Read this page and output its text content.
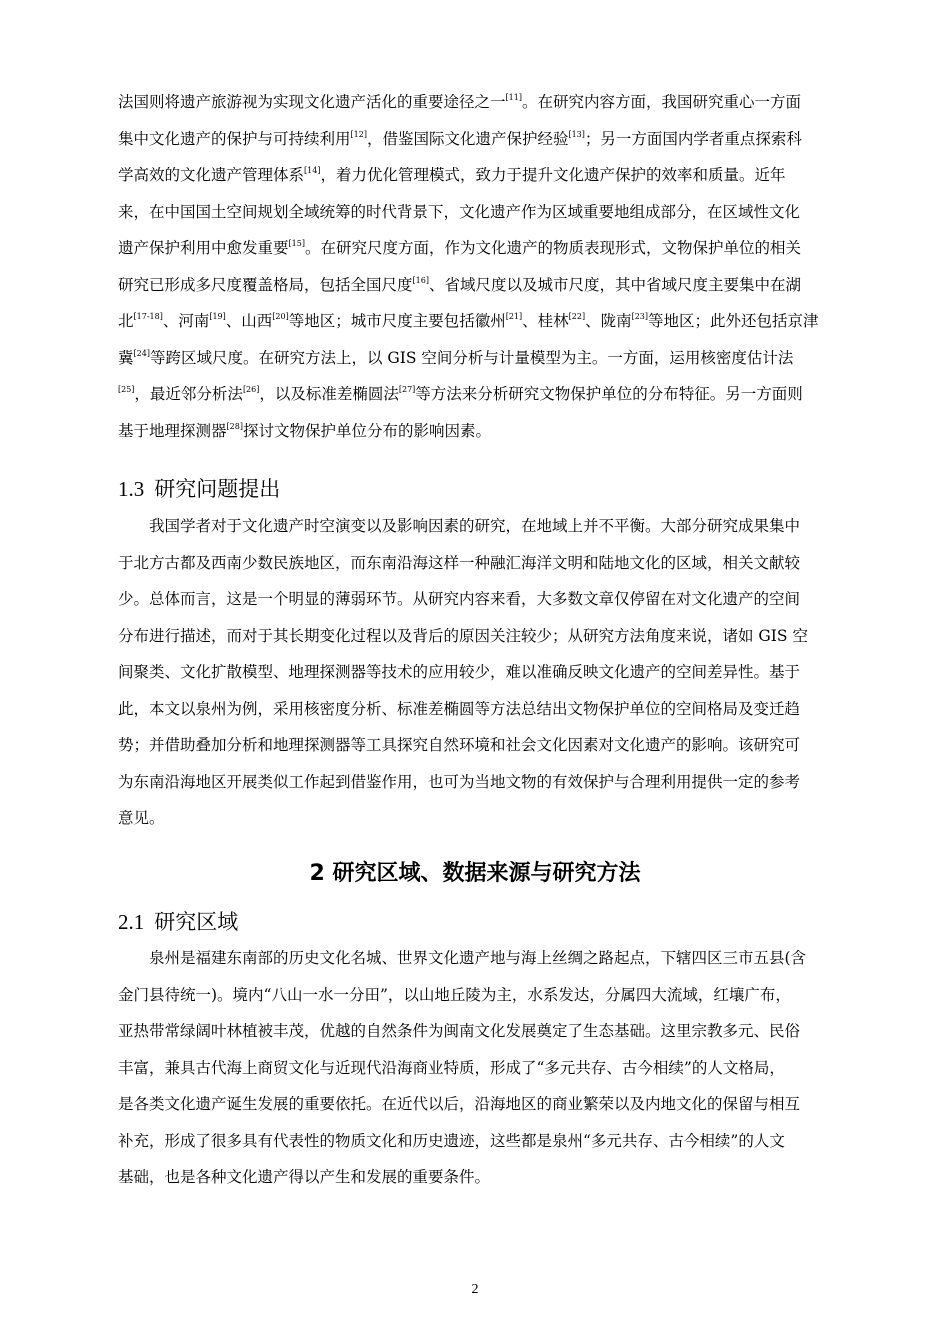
法国则将遗产旅游视为实现文化遗产活化的重要途径之一[11]。在研究内容方面，我国研究重心一方面
集中文化遗产的保护与可持续利用[12]，借鉴国际文化遗产保护经验[13]；另一方面国内学者重点探索科
学高效的文化遗产管理体系[14]，着力优化管理模式，致力于提升文化遗产保护的效率和质量。近年
来，在中国国土空间规划全域统筹的时代背景下，文化遗产作为区域重要地组成部分，在区域性文化
遗产保护利用中愈发重要[15]。在研究尺度方面，作为文化遗产的物质表现形式，文物保护单位的相关
研究已形成多尺度覆盖格局，包括全国尺度[16]、省域尺度以及城市尺度，其中省域尺度主要集中在湖
北[17-18]、河南[19]、山西[20]等地区；城市尺度主要包括徽州[21]、桂林[22]、陇南[23]等地区；此外还包括京津
冀[24]等跨区域尺度。在研究方法上，以 GIS 空间分析与计量模型为主。一方面，运用核密度估计法
[25]，最近邻分析法[26]，以及标准差椭圆法[27]等方法来分析研究文物保护单位的分布特征。另一方面则
基于地理探测器[28]探讨文物保护单位分布的影响因素。
1.3 研究问题提出
我国学者对于文化遗产时空演变以及影响因素的研究，在地域上并不平衡。大部分研究成果集中
于北方古都及西南少数民族地区，而东南沿海这样一种融汇海洋文明和陆地文化的区域，相关文献较
少。总体而言，这是一个明显的薄弱环节。从研究内容来看，大多数文章仅停留在对文化遗产的空间
分布进行描述，而对于其长期变化过程以及背后的原因关注较少；从研究方法角度来说，诸如 GIS 空
间聚类、文化扩散模型、地理探测器等技术的应用较少，难以准确反映文化遗产的空间差异性。基于
此，本文以泉州为例，采用核密度分析、标准差椭圆等方法总结出文物保护单位的空间格局及变迁趋
势；并借助叠加分析和地理探测器等工具探究自然环境和社会文化因素对文化遗产的影响。该研究可
为东南沿海地区开展类似工作起到借鉴作用，也可为当地文物的有效保护与合理利用提供一定的参考
意见。
2 研究区域、数据来源与研究方法
2.1 研究区域
泉州是福建东南部的历史文化名城、世界文化遗产地与海上丝绸之路起点，下辖四区三市五县(含
金门县待统一)。境内“八山一水一分田”，以山地丘陵为主，水系发达，分属四大流域，红壤广布，
亚热带常绿阔叶林植被丰茂，优越的自然条件为闽南文化发展奠定了生态基础。这里宗教多元、民俗
丰富，兼具古代海上商贸文化与近现代沿海商业特质，形成了“多元共存、古今相续”的人文格局，
是各类文化遗产诞生发展的重要依托。在近代以后，沿海地区的商业繁荣以及内地文化的保留与相互
补充，形成了很多具有代表性的物质文化和历史遗迹，这些都是泉州“多元共存、古今相续”的人文
基础，也是各种文化遗产得以产生和发展的重要条件。
2
